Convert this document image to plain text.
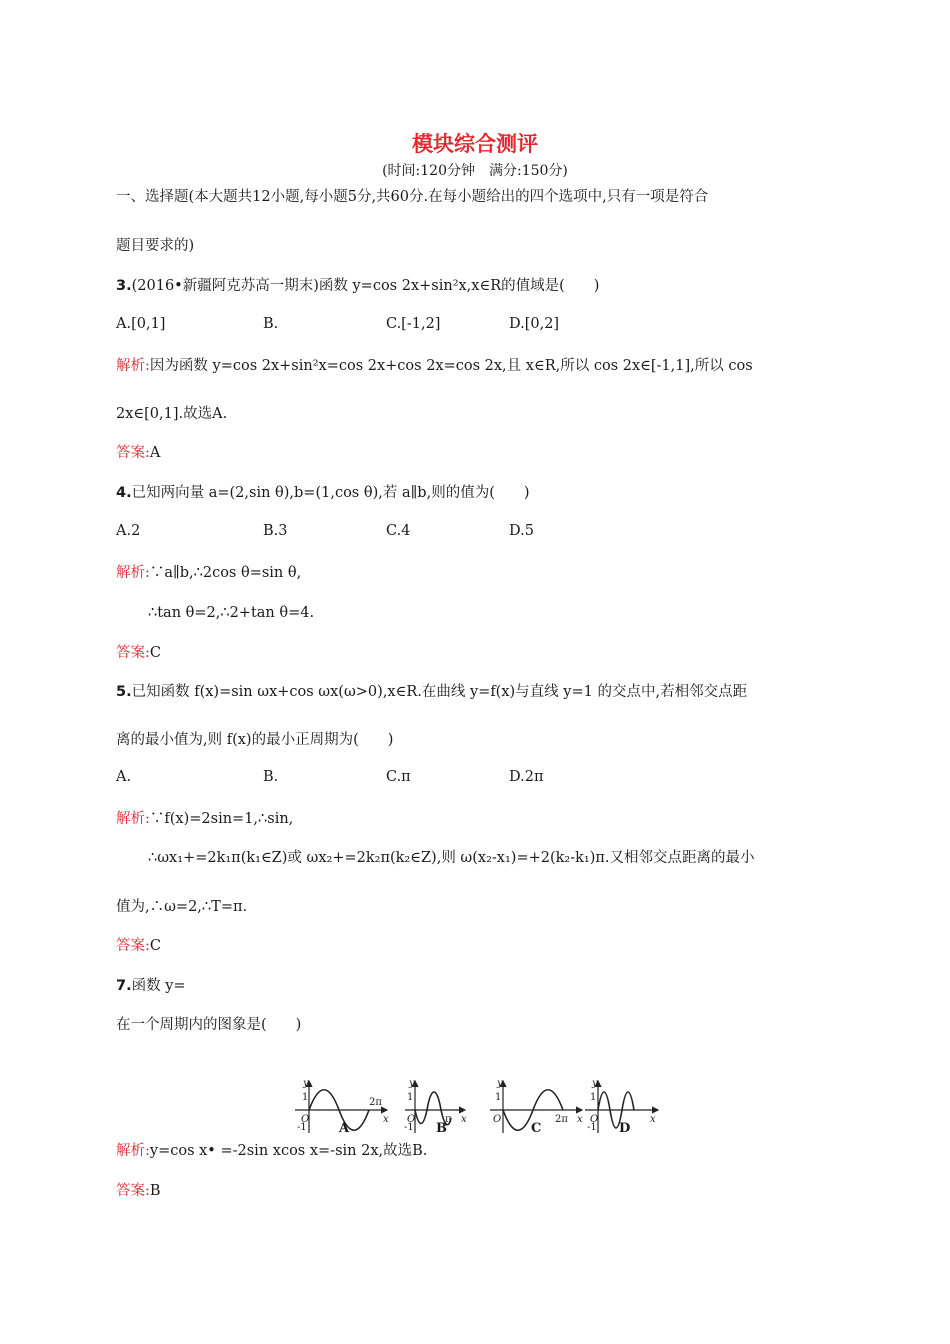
模块综合测评
(时间:120分钟　满分:150分)
一、选择题(本大题共12小题,每小题5分,共60分.在每小题给出的四个选项中,只有一项是符合
题目要求的)
3.(2016•新疆阿克苏高一期末)函数 y=cos 2x+sin²x,x∈R的值域是(　　)
A.[0,1]	B.	C.[-1,2]	D.[0,2]
解析:因为函数 y=cos 2x+sin²x=cos 2x+cos 2x=cos 2x,且 x∈R,所以 cos 2x∈[-1,1],所以 cos
2x∈[0,1].故选A.
答案:A
4.已知两向量 a=(2,sin θ),b=(1,cos θ),若 a∥b,则的值为(　　)
A.2	B.3	C.4	D.5
解析:∵a∥b,∴2cos θ=sin θ,
∴tan θ=2,∴2+tan θ=4.
答案:C
5.已知函数 f(x)=sin ωx+cos ωx(ω>0),x∈R.在曲线 y=f(x)与直线 y=1 的交点中,若相邻交点距
离的最小值为,则 f(x)的最小正周期为(　　)
A.	B.	C.π	D.2π
解析:∵f(x)=2sin=1,∴sin,
∴ωx₁+=2k₁π(k₁∈Z)或 ωx₂+=2k₂π(k₂∈Z),则 ω(x₂-x₁)=+2(k₂-k₁)π.又相邻交点距离的最小
值为,∴ω=2,∴T=π.
答案:C
7.函数 y=
在一个周期内的图象是(　　)
y
x
2π
1
-1
O
y
x
π
1
-1
O
y
x
2π
1
O
y
x
1
-1
O
A	B	C	D
解析:y=cos x• =-2sin xcos x=-sin 2x,故选B.
答案:B
